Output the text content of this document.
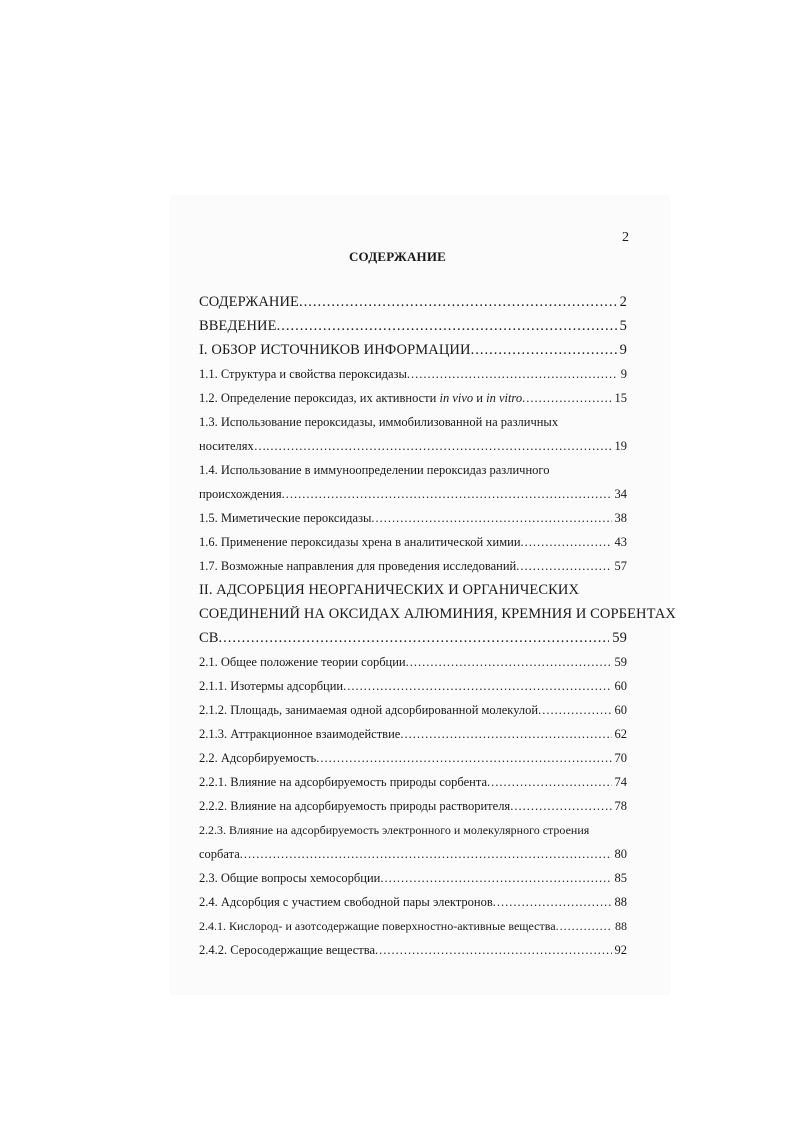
2
СОДЕРЖАНИЕ
СОДЕРЖАНИЕ .....	2
ВВЕДЕНИЕ .....	5
I. ОБЗОР ИСТОЧНИКОВ ИНФОРМАЦИИ .....	9
1.1. Структура и свойства пероксидазы .....	9
1.2. Определение пероксидаз, их активности in vivo и in vitro .....	15
1.3. Использование пероксидазы, иммобилизованной на различных
носителях… .....	19
1.4. Использование в иммуноопределении пероксидаз различного
происхождения .....	34
1.5. Миметические пероксидазы .....	38
1.6. Применение пероксидазы хрена в аналитической химии .....	43
1.7. Возможные направления для проведения исследований .....	57
II. АДСОРБЦИЯ НЕОРГАНИЧЕСКИХ И ОРГАНИЧЕСКИХ
СОЕДИНЕНИЙ НА ОКСИДАХ АЛЮМИНИЯ, КРЕМНИЯ И СОРБЕНТАХ
СВ .....	59
2.1. Общее положение теории сорбции .....	59
2.1.1. Изотермы адсорбции .....	60
2.1.2. Площадь, занимаемая одной адсорбированной молекулой .....	60
2.1.3. Аттракционное взаимодействие .....	62
2.2. Адсорбируемость .....	70
2.2.1. Влияние на адсорбируемость природы сорбента .....	74
2.2.2. Влияние на адсорбируемость природы растворителя .....	78
2.2.3. Влияние на адсорбируемость электронного и молекулярного строения
сорбата .....	80
2.3. Общие вопросы хемосорбции .....	85
2.4. Адсорбция с участием свободной пары электронов .....	88
2.4.1. Кислород- и азотсодержащие поверхностно-активные вещества .....	88
2.4.2. Серосодержащие вещества .....	92
